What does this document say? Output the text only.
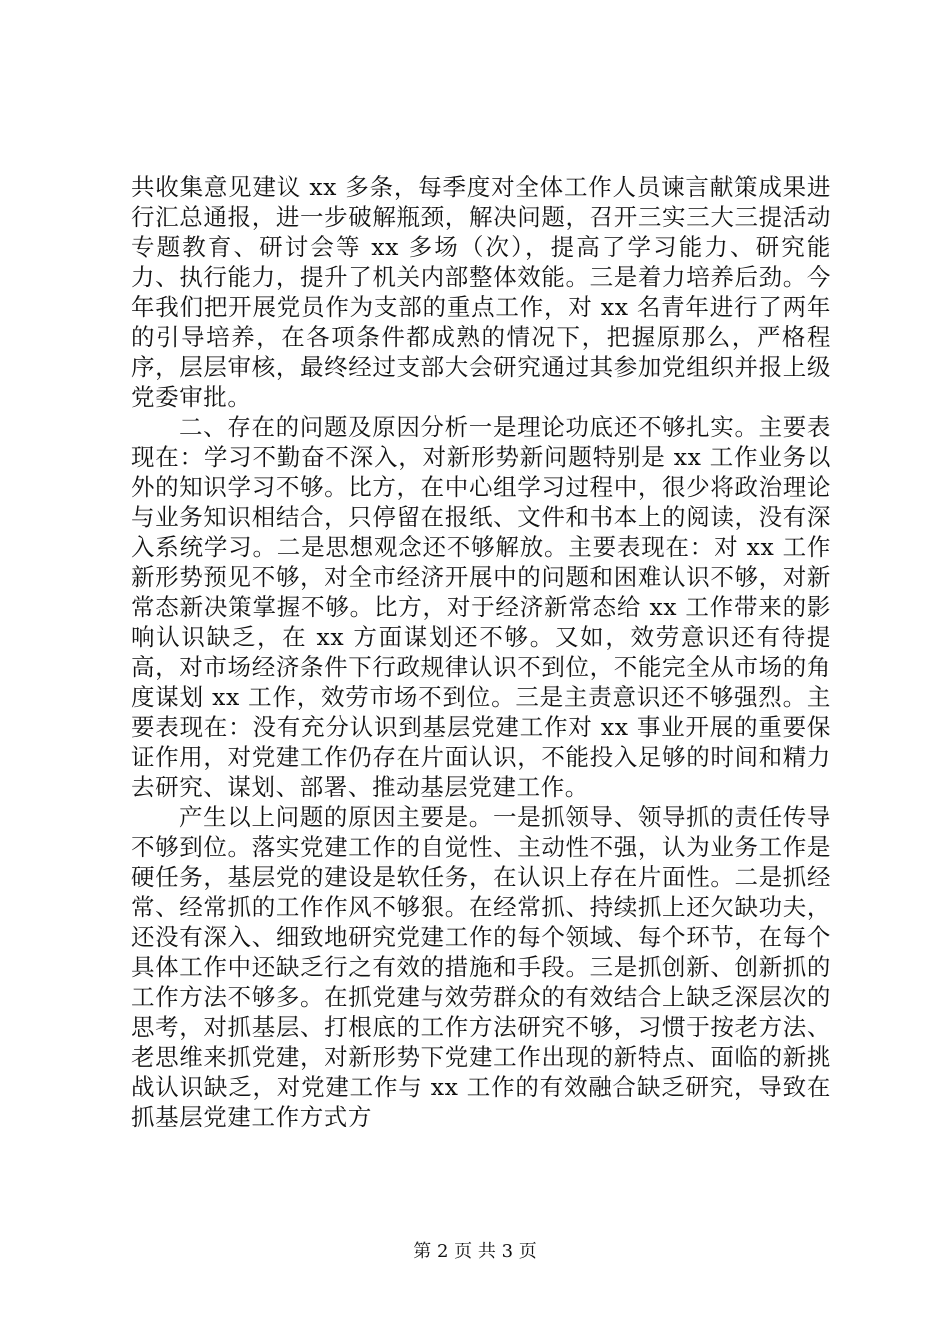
共收集意见建议 xx 多条，每季度对全体工作人员谏言献策成果进行汇总通报，进一步破解瓶颈，解决问题，召开三实三大三提活动专题教育、研讨会等 xx 多场（次），提高了学习能力、研究能力、执行能力，提升了机关内部整体效能。三是着力培养后劲。今年我们把开展党员作为支部的重点工作，对 xx 名青年进行了两年的引导培养，在各项条件都成熟的情况下，把握原那么，严格程序，层层审核，最终经过支部大会研究通过其参加党组织并报上级党委审批。

二、存在的问题及原因分析一是理论功底还不够扎实。主要表现在：学习不勤奋不深入，对新形势新问题特别是 xx 工作业务以外的知识学习不够。比方，在中心组学习过程中，很少将政治理论与业务知识相结合，只停留在报纸、文件和书本上的阅读，没有深入系统学习。二是思想观念还不够解放。主要表现在：对 xx 工作新形势预见不够，对全市经济开展中的问题和困难认识不够，对新常态新决策掌握不够。比方，对于经济新常态给 xx 工作带来的影响认识缺乏，在 xx 方面谋划还不够。又如，效劳意识还有待提高，对市场经济条件下行政规律认识不到位，不能完全从市场的角度谋划 xx 工作，效劳市场不到位。三是主责意识还不够强烈。主要表现在：没有充分认识到基层党建工作对 xx 事业开展的重要保证作用，对党建工作仍存在片面认识，不能投入足够的时间和精力去研究、谋划、部署、推动基层党建工作。

产生以上问题的原因主要是。一是抓领导、领导抓的责任传导不够到位。落实党建工作的自觉性、主动性不强，认为业务工作是硬任务，基层党的建设是软任务，在认识上存在片面性。二是抓经常、经常抓的工作作风不够狠。在经常抓、持续抓上还欠缺功夫，还没有深入、细致地研究党建工作的每个领域、每个环节，在每个具体工作中还缺乏行之有效的措施和手段。三是抓创新、创新抓的工作方法不够多。在抓党建与效劳群众的有效结合上缺乏深层次的思考，对抓基层、打根底的工作方法研究不够，习惯于按老方法、老思维来抓党建，对新形势下党建工作出现的新特点、面临的新挑战认识缺乏，对党建工作与 xx 工作的有效融合缺乏研究，导致在抓基层党建工作方式方

第 2 页 共 3 页
